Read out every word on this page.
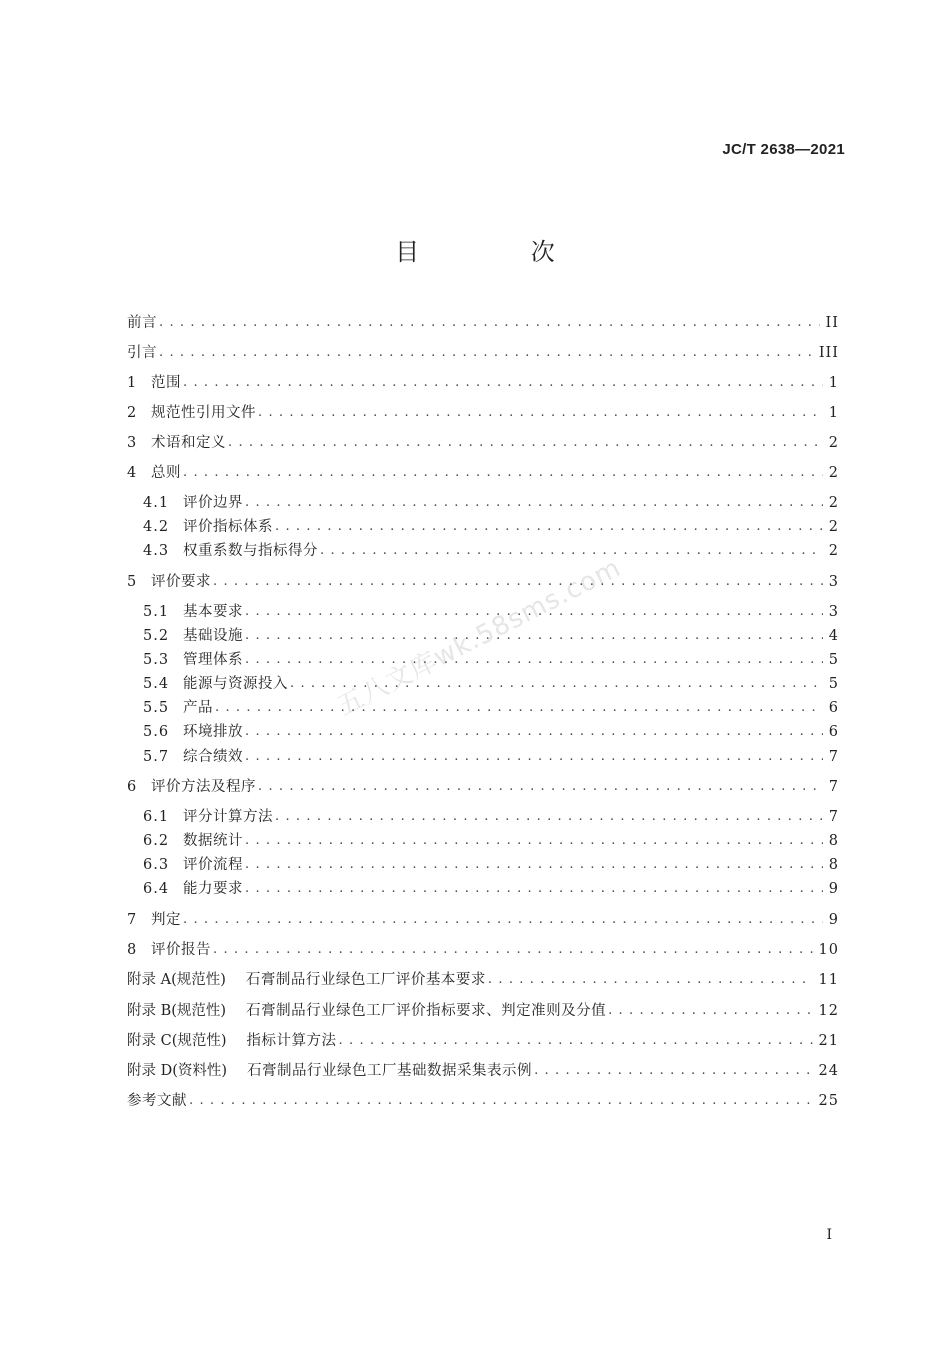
JC/T 2638—2021
目 次
五八文库wk.58sms.com
前言 . . .	II
引言 . . .	III
1	范围 . . .	1
2	规范性引用文件 . . .	1
3	术语和定义 . . .	2
4	总则 . . .	2
4.1 评价边界 . . .	2
4.2 评价指标体系 . . .	2
4.3 权重系数与指标得分 . . .	2
5	评价要求 . . .	3
5.1 基本要求 . . .	3
5.2 基础设施 . . .	4
5.3 管理体系 . . .	5
5.4 能源与资源投入 . . .	5
5.5 产品 . . .	6
5.6 环境排放 . . .	6
5.7 综合绩效 . . .	7
6	评价方法及程序 . . .	7
6.1 评分计算方法 . . .	7
6.2 数据统计 . . .	8
6.3 评价流程 . . .	8
6.4 能力要求 . . .	9
7	判定 . . .	9
8	评价报告 . . .	10
附录 A(规范性) 石膏制品行业绿色工厂评价基本要求 . . .	11
附录 B(规范性) 石膏制品行业绿色工厂评价指标要求、判定准则及分值 . . .	12
附录 C(规范性) 指标计算方法 . . .	21
附录 D(资料性) 石膏制品行业绿色工厂基础数据采集表示例 . . .	24
参考文献 . . .	25
I
